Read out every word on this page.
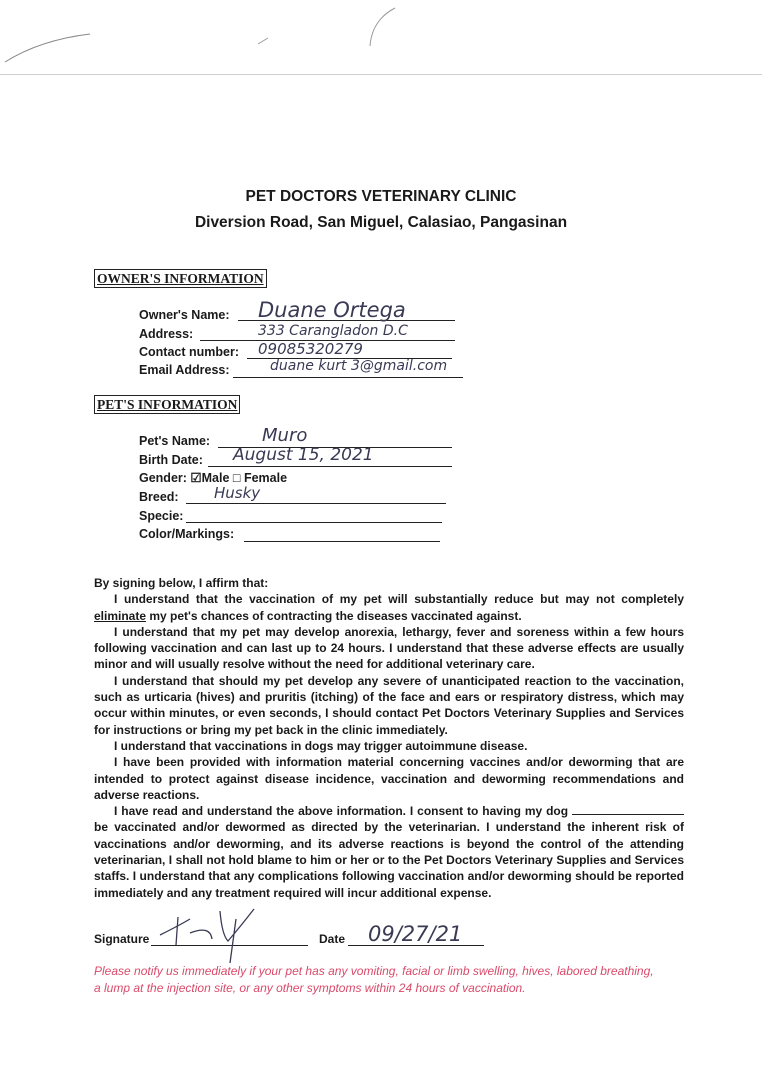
PET DOCTORS VETERINARY CLINIC
Diversion Road, San Miguel, Calasiao, Pangasinan
OWNER'S INFORMATION
Owner's Name: Duane Ortega
Address:	333 Carangladon D.C
Contact number: 09085320279
Email Address:	duane kurt 3@gmail.com
PET'S INFORMATION
Pet's Name:	Muro
Birth Date: August 15, 2021
Gender: ☑Male □ Female
Breed: Husky
Specie:
Color/Markings:

By signing below, I affirm that:

I understand that the vaccination of my pet will substantially reduce but may not completely eliminate my pet's chances of contracting the diseases vaccinated against.

I understand that my pet may develop anorexia, lethargy, fever and soreness within a few hours following vaccination and can last up to 24 hours. I understand that these adverse effects are usually minor and will usually resolve without the need for additional veterinary care.

I understand that should my pet develop any severe of unanticipated reaction to the vaccination, such as urticaria (hives) and pruritis (itching) of the face and ears or respiratory distress, which may occur within minutes, or even seconds, I should contact Pet Doctors Veterinary Supplies and Services for instructions or bring my pet back in the clinic immediately.

I understand that vaccinations in dogs may trigger autoimmune disease.

I have been provided with information material concerning vaccines and/or deworming that are intended to protect against disease incidence, vaccination and deworming recommendations and adverse reactions.

I have read and understand the above information. I consent to having my dog  be vaccinated and/or dewormed as directed by the veterinarian. I understand the inherent risk of vaccinations and/or deworming, and its adverse reactions is beyond the control of the attending veterinarian, I shall not hold blame to him or her or to the Pet Doctors Veterinary Supplies and Services staffs. I understand that any complications following vaccination and/or deworming should be reported immediately and any treatment required will incur additional expense.

Signature	Date 09/27/21
Please notify us immediately if your pet has any vomiting, facial or limb swelling, hives, labored breathing, a lump at the injection site, or any other symptoms within 24 hours of vaccination.
